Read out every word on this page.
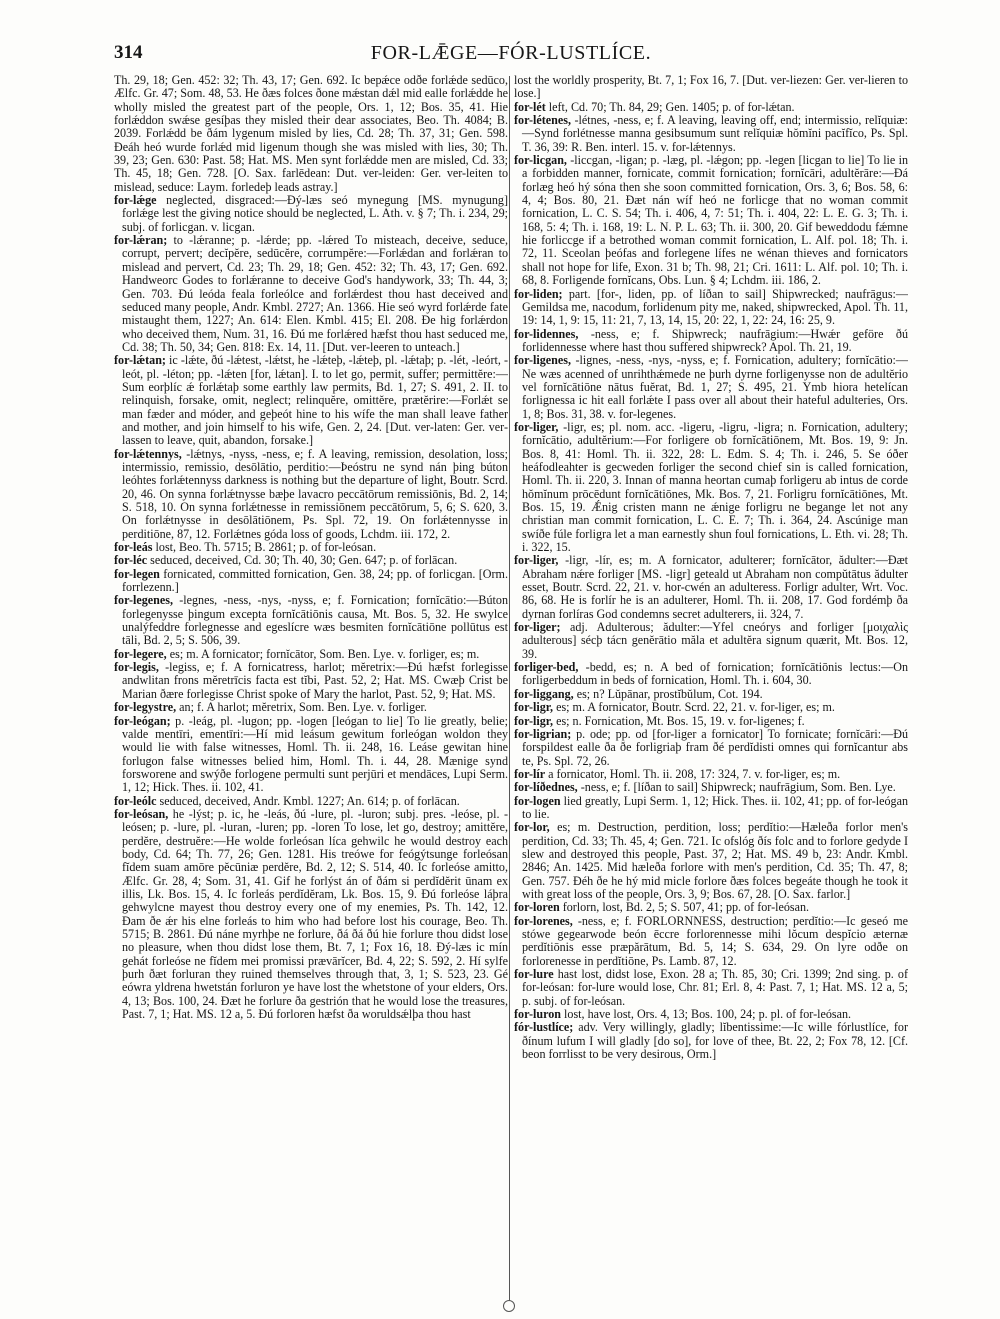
314	FOR-LǢGE—FÓR-LUSTLÍCE.

Th. 29, 18; Gen. 452: 32; Th. 43, 17; Gen. 692. Ic bepǽce odðe forlǽde sedūco, Ælfc. Gr. 47; Som. 48, 53. He ðæs folces ðone mǽstan dǽl mid ealle forlǽdde he wholly misled the greatest part of the people, Ors. 1, 12; Bos. 35, 41. Hie forlǽddon swǽse gesíþas they misled their dear associates, Beo. Th. 4084; B. 2039. Forlǽdd be ðám lygenum misled by lies, Cd. 28; Th. 37, 31; Gen. 598. Ðeáh heó wurde forlǽd mid ligenum though she was misled with lies, 30; Th. 39, 23; Gen. 630: Past. 58; Hat. MS. Men synt forlǽdde men are misled, Cd. 33; Th. 45, 18; Gen. 728. [O. Sax. farlēdean: Dut. ver-leiden: Ger. ver-leiten to mislead, seduce: Laym. forledeþ leads astray.]

for-lǽge neglected, disgraced:—Ðý-læs seó mynegung [MS. mynugung] forlǽge lest the giving notice should be neglected, L. Ath. v. § 7; Th. i. 234, 29; subj. of forlicgan. v. licgan.

for-lǽran; to -lǽranne; p. -lǽrde; pp. -lǽred To misteach, deceive, seduce, corrupt, pervert; decĭpĕre, sedūcĕre, corrumpĕre:—Forlǽdan and forlǽran to mislead and pervert, Cd. 23; Th. 29, 18; Gen. 452: 32; Th. 43, 17; Gen. 692. Handweorc Godes to forlǽranne to deceive God's handywork, 33; Th. 44, 3; Gen. 703. Ðú leóda feala forleólce and forlǽrdest thou hast deceived and seduced many people, Andr. Kmbl. 2727; An. 1366. Hie seó wyrd forlǽrde fate mistaught them, 1227; An. 614: Elen. Kmbl. 415; El. 208. Ðe hig forlǽrdon who deceived them, Num. 31, 16. Ðú me forlǽred hæfst thou hast seduced me, Cd. 38; Th. 50, 34; Gen. 818: Ex. 14, 11. [Dut. ver-leeren to unteach.]

for-lǽtan; ic -lǽte, ðú -lǽtest, -lǽtst, he -lǽteþ, -lǽteþ, pl. -lǽtaþ; p. -lét, -leórt, -leót, pl. -léton; pp. -lǽten [for, lǽtan]. I. to let go, permit, suffer; permittĕre:—Sum eorþlíc ǽ forlǽtaþ some earthly law permits, Bd. 1, 27; S. 491, 2. II. to relinquish, forsake, omit, neglect; relinquĕre, omittĕre, prætĕrire:—Forlǽt se man fæder and móder, and geþeót hine to his wífe the man shall leave father and mother, and join himself to his wife, Gen. 2, 24. [Dut. ver-laten: Ger. ver-lassen to leave, quit, abandon, forsake.]

for-lǽtennys, -lǽtnys, -nyss, -ness, e; f. A leaving, remission, desolation, loss; intermissio, remissio, desōlātio, perditio:—Þeóstru ne synd nán þing búton leóhtes forlǽtennyss darkness is nothing but the departure of light, Boutr. Scrd. 20, 46. On synna forlǽtnysse bæþe lavacro peccātōrum remissiōnis, Bd. 2, 14; S. 518, 10. On synna forlǽtnesse in remissiōnem peccātōrum, 5, 6; S. 620, 3. On forlǽtnysse in desōlātiōnem, Ps. Spl. 72, 19. On forlǽtennysse in perditiōne, 87, 12. Forlǽtnes góda loss of goods, Lchdm. iii. 172, 2.

for-leás lost, Beo. Th. 5715; B. 2861; p. of for-leósan.

for-léc seduced, deceived, Cd. 30; Th. 40, 30; Gen. 647; p. of forlācan.

for-legen fornicated, committed fornication, Gen. 38, 24; pp. of forlicgan. [Orm. forrlezenn.]

for-legenes, -legnes, -ness, -nys, -nyss, e; f. Fornication; fornĭcātio:—Búton forlegenysse þingum excepta fornĭcātiōnis causa, Mt. Bos. 5, 32. He swylce unalýfeddre forlegnesse and egeslícre wæs besmiten fornĭcātiōne pollūtus est tāli, Bd. 2, 5; S. 506, 39.

for-legere, es; m. A fornicator; fornĭcātor, Som. Ben. Lye. v. forliger, es; m.

for-legis, -legiss, e; f. A fornicatress, harlot; mĕretrix:—Ðú hæfst forlegisse andwlitan frons mĕretrīcis facta est tĭbi, Past. 52, 2; Hat. MS. Cwæþ Crist be Marian ðære forlegisse Christ spoke of Mary the harlot, Past. 52, 9; Hat. MS.

for-legystre, an; f. A harlot; mĕretrix, Som. Ben. Lye. v. forliger.

for-leógan; p. -leág, pl. -lugon; pp. -logen [leógan to lie] To lie greatly, belie; valde mentīri, ementīri:—Hí mid leásum gewitum forleógan woldon they would lie with false witnesses, Homl. Th. ii. 248, 16. Leáse gewitan hine forlugon false witnesses belied him, Homl. Th. i. 44, 28. Mænige synd forsworene and swýðe forlogene permulti sunt perjūri et mendāces, Lupi Serm. 1, 12; Hick. Thes. ii. 102, 41.

for-leólc seduced, deceived, Andr. Kmbl. 1227; An. 614; p. of forlācan.

for-leósan, he -lýst; p. ic, he -leás, ðú -lure, pl. -luron; subj. pres. -leóse, pl. -leósen; p. -lure, pl. -luran, -luren; pp. -loren To lose, let go, destroy; amittĕre, perdĕre, destruĕre:—He wolde forleósan líca gehwilc he would destroy each body, Cd. 64; Th. 77, 26; Gen. 1281. His treówe for feógýtsunge forleósan fĭdem suam amōre pĕcūniæ perdĕre, Bd. 2, 12; S. 514, 40. Ic forleóse amitto, Ælfc. Gr. 28, 4; Som. 31, 41. Gif he forlýst án of ðám si perdĭdĕrit ūnam ex illis, Lk. Bos. 15, 4. Ic forleás perdĭdĕram, Lk. Bos. 15, 9. Ðú forleóse láþra gehwylcne mayest thou destroy every one of my enemies, Ps. Th. 142, 12. Ðam ðe ǽr his elne forleás to him who had before lost his courage, Beo. Th. 5715; B. 2861. Ðú náne myrhþe ne forlure, ðá ðá ðú hie forlure thou didst lose no pleasure, when thou didst lose them, Bt. 7, 1; Fox 16, 18. Ðý-læs ic mín gehát forleóse ne fĭdem mei promissi prævārĭcer, Bd. 4, 22; S. 592, 2. Hí sylfe þurh ðæt forluran they ruined themselves through that, 3, 1; S. 523, 23. Gé eówra yldrena hwetstán forluron ye have lost the whetstone of your elders, Ors. 4, 13; Bos. 100, 24. Ðæt he forlure ða gestrión that he would lose the treasures, Past. 7, 1; Hat. MS. 12 a, 5. Ðú forloren hæfst ða woruldsǽlþa thou hast

lost the worldly prosperity, Bt. 7, 1; Fox 16, 7. [Dut. ver-liezen: Ger. ver-lieren to lose.]

for-lét left, Cd. 70; Th. 84, 29; Gen. 1405; p. of for-lǽtan.

for-létenes, -létnes, -ness, e; f. A leaving, leaving off, end; intermissio, relĭquiæ:—Synd forlétnesse manna gesibsumum sunt relĭquiæ hŏmĭni pacĭfĭco, Ps. Spl. T. 36, 39: R. Ben. interl. 15. v. for-lǽtennys.

for-licgan, -liccgan, -ligan; p. -læg, pl. -lǽgon; pp. -legen [licgan to lie] To lie in a forbidden manner, fornicate, commit fornication; fornĭcāri, adultĕrāre:—Ðá forlæg heó hý sóna then she soon committed fornication, Ors. 3, 6; Bos. 58, 6: 4, 4; Bos. 80, 21. Ðæt nán wíf heó ne forlicge that no woman commit fornication, L. C. S. 54; Th. i. 406, 4, 7: 51; Th. i. 404, 22: L. E. G. 3; Th. i. 168, 5: 4; Th. i. 168, 19: L. N. P. L. 63; Th. ii. 300, 20. Gif beweddodu fǽmne hie forliccge if a betrothed woman commit fornication, L. Alf. pol. 18; Th. i. 72, 11. Sceolan þeófas and forlegene lífes ne wénan thieves and fornicators shall not hope for life, Exon. 31 b; Th. 98, 21; Cri. 1611: L. Alf. pol. 10; Th. i. 68, 8. Forligende fornĭcans, Obs. Lun. § 4; Lchdm. iii. 186, 2.

for-liden; part. [for-, liden, pp. of líðan to sail] Shipwrecked; naufrāgus:—Gemildsa me, nacodum, forlidenum pity me, naked, shipwrecked, Apol. Th. 11, 19: 14, 1, 9: 15, 11: 21, 7, 13, 14, 15, 20: 22, 1, 22: 24, 16: 25, 9.

for-lidennes, -ness, e; f. Shipwreck; naufrāgium:—Hwǽr geföre ðú forlidennesse where hast thou suffered shipwreck? Apol. Th. 21, 19.

for-ligenes, -lignes, -ness, -nys, -nyss, e; f. Fornication, adultery; fornĭcātio:—Ne wæs acenned of unrihthǽmede ne þurh dyrne forligenysse non de adultĕrio vel fornĭcātiōne nātus fuĕrat, Bd. 1, 27; S. 495, 21. Ymb hiora hetelícan forlignessa ic hit eall forlǽte I pass over all about their hateful adulteries, Ors. 1, 8; Bos. 31, 38. v. for-legenes.

for-liger, -ligr, es; pl. nom. acc. -ligeru, -ligru, -ligra; n. Fornication, adultery; fornĭcātio, adultĕrium:—For forligere ob fornĭcātiōnem, Mt. Bos. 19, 9: Jn. Bos. 8, 41: Homl. Th. ii. 322, 28: L. Edm. S. 4; Th. i. 246, 5. Se óðer heáfodleahter is gecweden forliger the second chief sin is called fornication, Homl. Th. ii. 220, 3. Innan of manna heortan cumaþ forligeru ab intus de corde hŏmĭnum prōcēdunt fornĭcātiōnes, Mk. Bos. 7, 21. Forligru fornĭcātiōnes, Mt. Bos. 15, 19. Ǽnig cristen mann ne ǽnige forligru ne begange let not any christian man commit fornication, L. C. E. 7; Th. i. 364, 24. Ascúnige man swíðe fúle forligra let a man earnestly shun foul fornications, L. Eth. vi. 28; Th. i. 322, 15.

for-liger, -ligr, -lír, es; m. A fornicator, adulterer; fornĭcātor, ădulter:—Ðæt Abraham nǽre forliger [MS. -ligr] geteald ut Abraham non compŭtātus ădulter esset, Boutr. Scrd. 22, 21. v. hor-cwén an adulteress. Forligr adulter, Wrt. Voc. 86, 68. He is forlír he is an adulterer, Homl. Th. ii. 208, 17. God fordémþ ða dyrnan forlíras God condemns secret adulterers, ii. 324, 7.

for-liger; adj. Adulterous; ădulter:—Yfel cneórys and forliger [μοιχαλὶς adulterous] sécþ tácn genĕrātio măla et adultĕra signum quærit, Mt. Bos. 12, 39.

forliger-bed, -bedd, es; n. A bed of fornication; fornĭcātiōnis lectus:—On forligerbeddum in beds of fornication, Homl. Th. i. 604, 30.

for-liggang, es; n? Lŭpānar, prostĭbŭlum, Cot. 194.

for-ligr, es; m. A fornicator, Boutr. Scrd. 22, 21. v. for-liger, es; m.

for-ligr, es; n. Fornication, Mt. Bos. 15, 19. v. for-ligenes; f.

for-ligrian; p. ode; pp. od [for-liger a fornicator] To fornicate; fornĭcāri:—Ðú forspildest ealle ða ðe forligriaþ fram ðé perdĭdisti omnes qui fornĭcantur abs te, Ps. Spl. 72, 26.

for-lír a fornicator, Homl. Th. ii. 208, 17: 324, 7. v. for-liger, es; m.

for-líðednes, -ness, e; f. [líðan to sail] Shipwreck; naufrāgium, Som. Ben. Lye.

for-logen lied greatly, Lupi Serm. 1, 12; Hick. Thes. ii. 102, 41; pp. of for-leógan to lie.

for-lor, es; m. Destruction, perdition, loss; perdĭtio:—Hæleða forlor men's perdition, Cd. 33; Th. 45, 4; Gen. 721. Ic ofslóg ðís folc and to forlore gedyde I slew and destroyed this people, Past. 37, 2; Hat. MS. 49 b, 23: Andr. Kmbl. 2846; An. 1425. Mid hæleða forlore with men's perdition, Cd. 35; Th. 47, 8; Gen. 757. Ðéh ðe he hý mid micle forlore ðæs folces begeáte though he took it with great loss of the people, Ors. 3, 9; Bos. 67, 28. [O. Sax. farlor.]

for-loren forlorn, lost, Bd. 2, 5; S. 507, 41; pp. of for-leósan.

for-lorenes, -ness, e; f. FORLORNNESS, destruction; perdĭtio:—Ic geseó me stówe gegearwode beón ēccre forlorennesse mihi lŏcum despĭcio æternæ perdĭtiōnis esse præpărātum, Bd. 5, 14; S. 634, 29. On lyre odðe on forlorenesse in perdĭtiōne, Ps. Lamb. 87, 12.

for-lure hast lost, didst lose, Exon. 28 a; Th. 85, 30; Cri. 1399; 2nd sing. p. of for-leósan: for-lure would lose, Chr. 81; Erl. 8, 4: Past. 7, 1; Hat. MS. 12 a, 5; p. subj. of for-leósan.

for-luron lost, have lost, Ors. 4, 13; Bos. 100, 24; p. pl. of for-leósan.

fór-lustlíce; adv. Very willingly, gladly; lĭbentissime:—Ic wille fórlustlíce, for ðínum lufum I will gladly [do so], for love of thee, Bt. 22, 2; Fox 78, 12. [Cf. beon forrlisst to be very desirous, Orm.]
